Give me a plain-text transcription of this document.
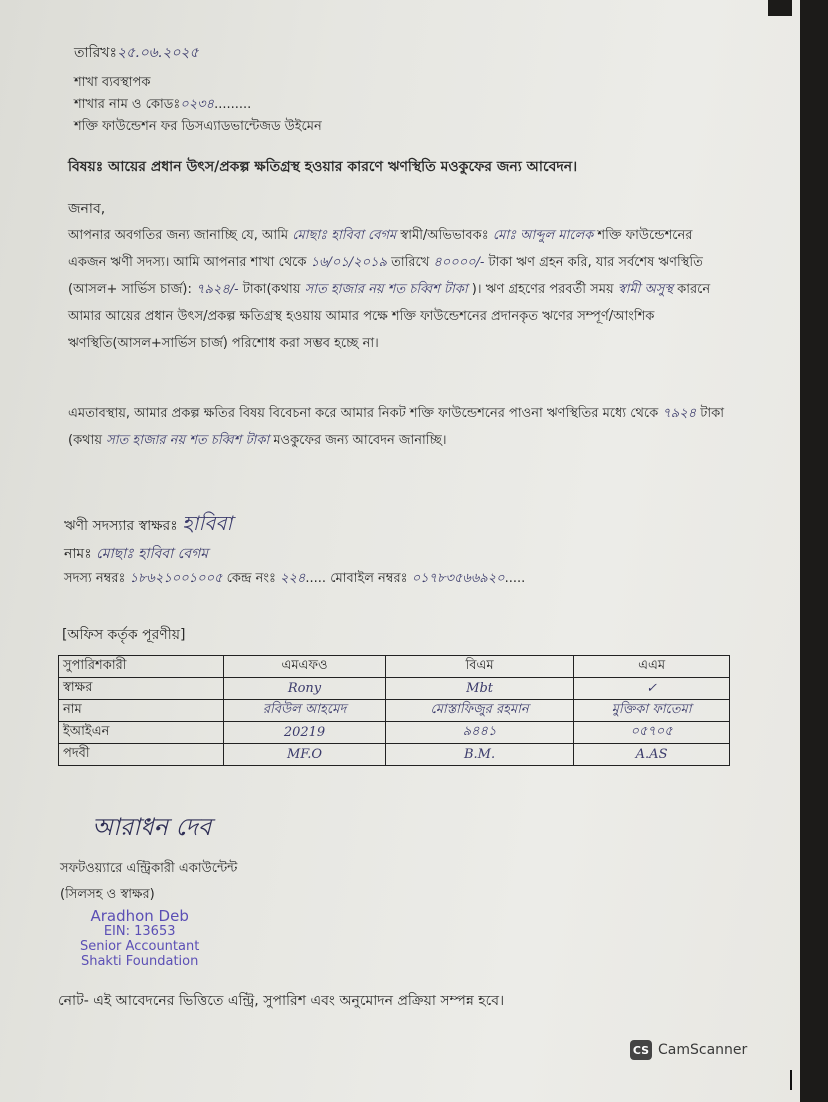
তারিখঃ২৫.০৬.২০২৫
শাখা ব্যবস্থাপক
শাখার নাম ও কোডঃ০২৩৪.........
শক্তি ফাউন্ডেশন ফর ডিসএ্যাডভান্টেজড উইমেন
বিষয়ঃ আয়ের প্রধান উৎস/প্রকল্প ক্ষতিগ্রস্থ হওয়ার কারণে ঋণস্থিতি মওকুফের জন্য আবেদন।
জনাব,
আপনার অবগতির জন্য জানাচ্ছি যে, আমি মোছাঃ হাবিবা বেগম স্বামী/অভিভাবকঃ মোঃ আব্দুল মালেক শক্তি ফাউন্ডেশনের একজন ঋণী সদস্য। আমি আপনার শাখা থেকে ১৬/০১/২০১৯ তারিখে ৪০০০০/- টাকা ঋণ গ্রহন করি, যার সর্বশেষ ঋণস্থিতি (আসল+ সার্ভিস চার্জ): ৭৯২৪/- টাকা(কথায় সাত হাজার নয় শত চব্বিশ টাকা )। ঋণ গ্রহণের পরবর্তী সময় স্বামী অসুস্থ কারনে আমার আয়ের প্রধান উৎস/প্রকল্প ক্ষতিগ্রস্থ হওয়ায় আমার পক্ষে শক্তি ফাউন্ডেশনের প্রদানকৃত ঋণের সম্পূর্ণ/আংশিক ঋণস্থিতি(আসল+সার্ভিস চার্জ) পরিশোধ করা সম্ভব হচ্ছে না।
এমতাবস্থায়, আমার প্রকল্প ক্ষতির বিষয় বিবেচনা করে আমার নিকট শক্তি ফাউন্ডেশনের পাওনা ঋণস্থিতির মধ্যে থেকে ৭৯২৪ টাকা (কথায় সাত হাজার নয় শত চব্বিশ টাকা মওকুফের জন্য আবেদন জানাচ্ছি।
ঋণী সদস্যার স্বাক্ষরঃ হাবিবা
নামঃ মোছাঃ হাবিবা বেগম
সদস্য নম্বরঃ ১৮৬২১০০১০০৫ কেন্দ্র নংঃ ২২৪..... মোবাইল নম্বরঃ ০১৭৮৩৫৬৬৯২০.....
[অফিস কর্তৃক পূরণীয়]
সুপারিশকারী	এমএফও	বিএম	এএম
স্বাক্ষর	Rony	Mbt	✓
নাম	রবিউল আহমেদ	মোস্তাফিজুর রহমান	মুক্তিকা ফাতেমা
ইআইএন	20219	৯৪৪১	০৫৭০৫
পদবী	MF.O	B.M.	A.AS
আরাধন দেব
সফটওয়্যারে এন্ট্রিকারী একাউন্টেন্ট
(সিলসহ ও স্বাক্ষর)
Aradhon Deb
EIN: 13653
Senior Accountant
Shakti Foundation
নোট- এই আবেদনের ভিত্তিতে এন্ট্রি, সুপারিশ এবং অনুমোদন প্রক্রিয়া সম্পন্ন হবে।
CS CamScanner
